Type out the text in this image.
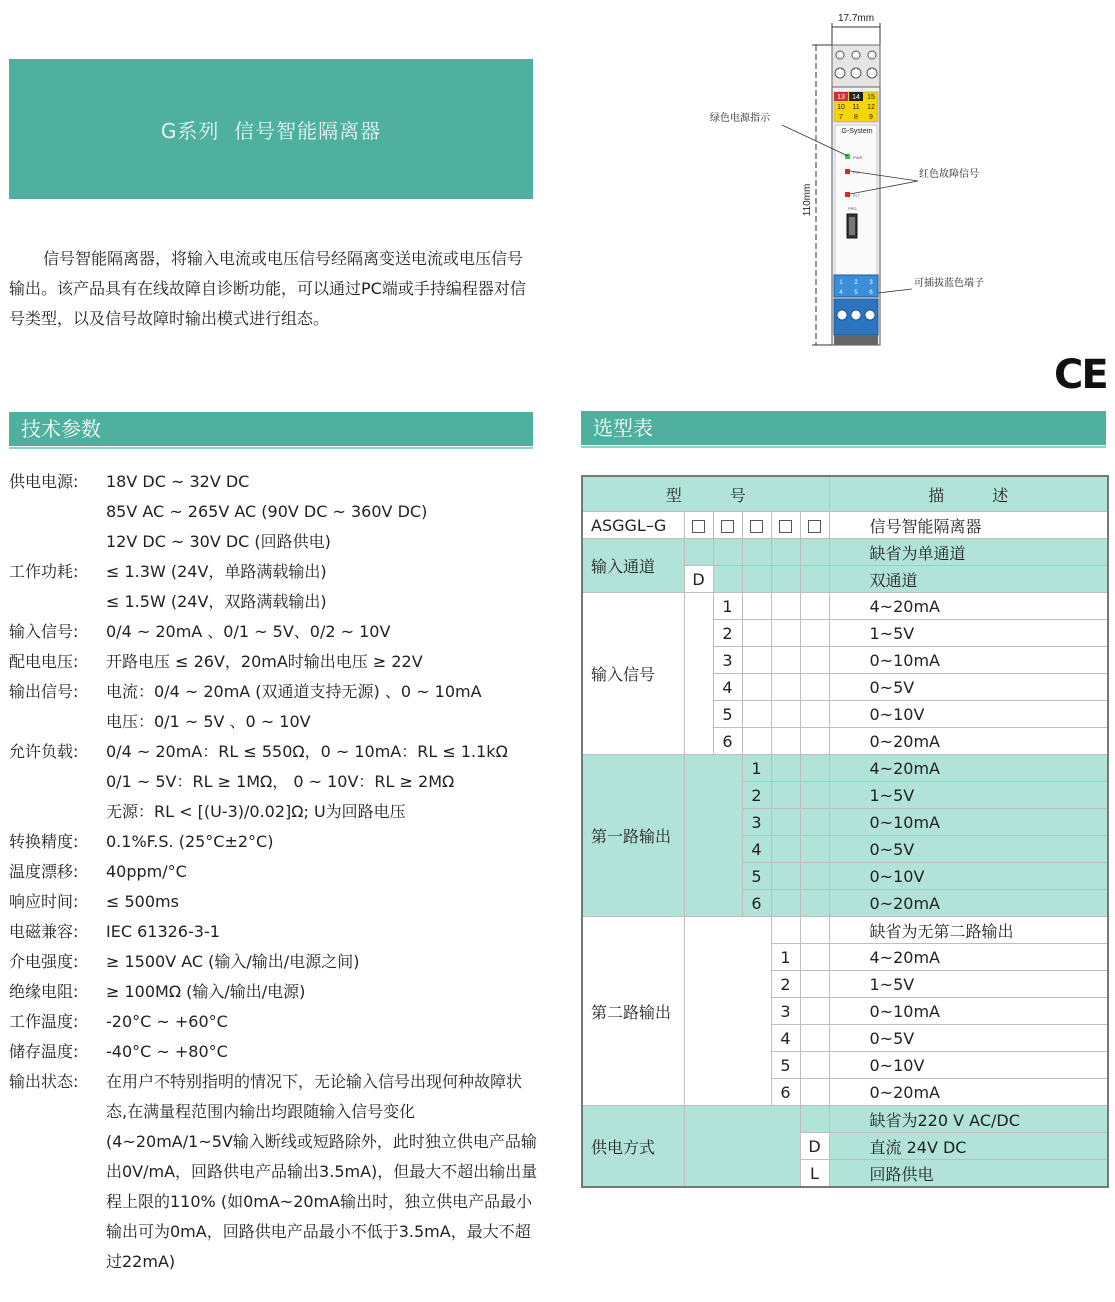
G系列  信号智能隔离器
信号智能隔离器，将输入电流或电压信号经隔离变送电流或电压信号输出。该产品具有在线故障自诊断功能，可以通过PC端或手持编程器对信号类型，以及信号故障时输出模式进行组态。
17.7mm
110mm
13 14 15
10 11 12
7 8 9
G-System
PWR
FLT
FLT
PRG
1 2 3
4 5 6
绿色电源指示
红色故障信号
可插拔蓝色端子
CE
技术参数
供电电源:	18V DC ~ 32V DC
85V AC ~ 265V AC (90V DC ~ 360V DC)
12V DC ~ 30V DC (回路供电)
工作功耗:	≤ 1.3W (24V，单路满载输出)
≤ 1.5W (24V，双路满载输出)
输入信号:	0/4 ~ 20mA 、0/1 ~ 5V、0/2 ~ 10V
配电电压:	开路电压 ≤ 26V，20mA时输出电压 ≥ 22V
输出信号:	电流：0/4 ~ 20mA (双通道支持无源) 、0 ~ 10mA
电压：0/1 ~ 5V 、0 ~ 10V
允许负载:	0/4 ~ 20mA：RL ≤ 550Ω，0 ~ 10mA：RL ≤ 1.1kΩ
0/1 ~ 5V：RL ≥ 1MΩ， 0 ~ 10V：RL ≥ 2MΩ
无源：RL < [(U-3)/0.02]Ω; U为回路电压
转换精度:	0.1%F.S. (25°C±2°C)
温度漂移:	40ppm/°C
响应时间:	≤ 500ms
电磁兼容:	IEC 61326-3-1
介电强度:	≥ 1500V AC (输入/输出/电源之间)
绝缘电阻:	≥ 100MΩ (输入/输出/电源)
工作温度:	-20°C ~ +60°C
储存温度:	-40°C ~ +80°C
输出状态:	在用户不特别指明的情况下，无论输入信号出现何种故障状态,在满量程范围内输出均跟随输入信号变化(4~20mA/1~5V输入断线或短路除外，此时独立供电产品输出0V/mA，回路供电产品输出3.5mA)，但最大不超出输出量程上限的110% (如0mA~20mA输出时，独立供电产品最小输出可为0mA，回路供电产品最小不低于3.5mA，最大不超过22mA)
选型表
型　　　号						描　　　述
ASGGL–G						信号智能隔离器
输入通道						缺省为单通道
	D					双通道
输入信号		1				4~20mA
		2				1~5V
		3				0~10mA
		4				0~5V
		5				0~10V
		6				0~20mA
第一路输出			1			4~20mA
			2			1~5V
			3			0~10mA
			4			0~5V
			5			0~10V
			6			0~20mA
第二路输出						缺省为无第二路输出
				1		4~20mA
				2		1~5V
				3		0~10mA
				4		0~5V
				5		0~10V
				6		0~20mA
供电方式						缺省为220 V AC/DC
					D	直流 24V DC
					L	回路供电
